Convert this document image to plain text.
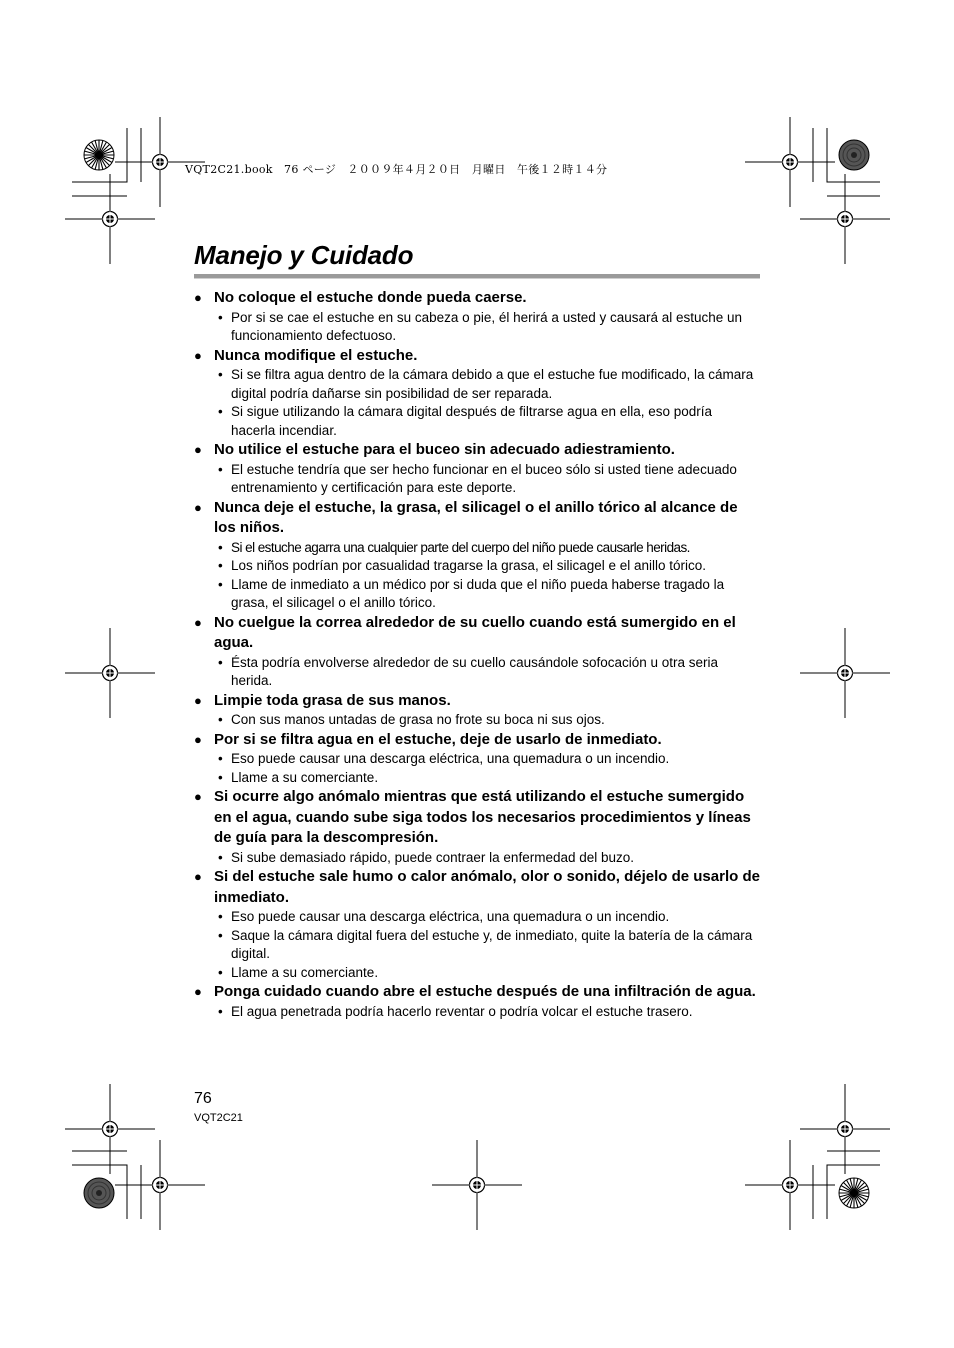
VQT2C21.book　76 ページ　２００９年４月２０日　月曜日　午後１２時１４分
Manejo y Cuidado

● No coloque el estuche donde pueda caerse.

• Por si se cae el estuche en su cabeza o pie, él herirá a usted y causará al estuche un funcionamiento defectuoso.

● Nunca modifique el estuche.

• Si se filtra agua dentro de la cámara debido a que el estuche fue modificado, la cámara digital podría dañarse sin posibilidad de ser reparada.
• Si sigue utilizando la cámara digital después de filtrarse agua en ella, eso podría hacerla incendiar.

● No utilice el estuche para el buceo sin adecuado adiestramiento.

• El estuche tendría que ser hecho funcionar en el buceo sólo si usted tiene adecuado entrenamiento y certificación para este deporte.

● Nunca deje el estuche, la grasa, el silicagel o el anillo tórico al alcance de los niños.

• Si el estuche agarra una cualquier parte del cuerpo del niño puede causarle heridas.
• Los niños podrían por casualidad tragarse la grasa, el silicagel e el anillo tórico.
• Llame de inmediato a un médico por si duda que el niño pueda haberse tragado la grasa, el silicagel o el anillo tórico.

● No cuelgue la correa alrededor de su cuello cuando está sumergido en el agua.

• Ésta podría envolverse alrededor de su cuello causándole sofocación u otra seria herida.

● Limpie toda grasa de sus manos.

• Con sus manos untadas de grasa no frote su boca ni sus ojos.

● Por si se filtra agua en el estuche, deje de usarlo de inmediato.

• Eso puede causar una descarga eléctrica, una quemadura o un incendio.
• Llame a su comerciante.

● Si ocurre algo anómalo mientras que está utilizando el estuche sumergido en el agua, cuando sube siga todos los necesarios procedimientos y líneas de guía para la descompresión.

• Si sube demasiado rápido, puede contraer la enfermedad del buzo.

● Si del estuche sale humo o calor anómalo, olor o sonido, déjelo de usarlo de inmediato.

• Eso puede causar una descarga eléctrica, una quemadura o un incendio.
• Saque la cámara digital fuera del estuche y, de inmediato, quite la batería de la cámara digital.
• Llame a su comerciante.

● Ponga cuidado cuando abre el estuche después de una infiltración de agua.

• El agua penetrada podría hacerlo reventar o podría volcar el estuche trasero.
76
VQT2C21
